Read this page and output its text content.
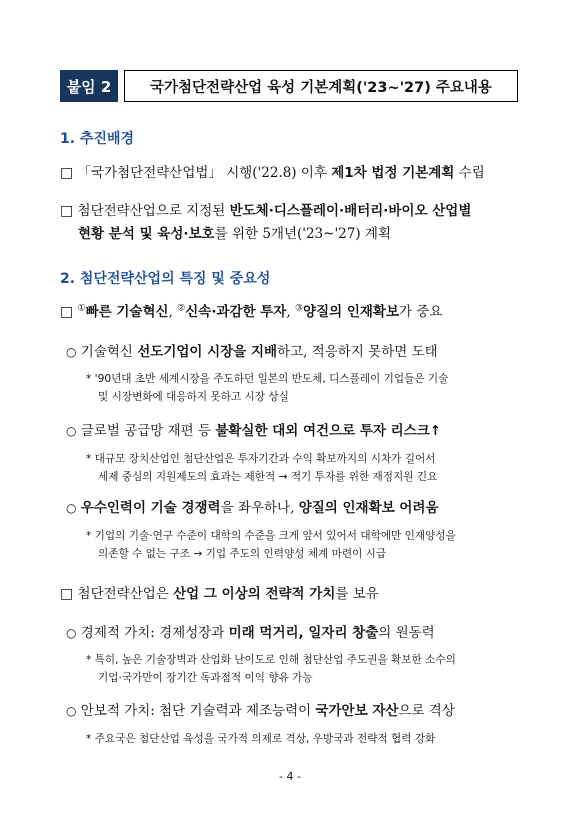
붙임 2	국가첨단전략산업 육성 기본계획('23~'27) 주요내용
1. 추진배경
□ 「국가첨단전략산업법」 시행('22.8) 이후 제1차 법정 기본계획 수립
□ 첨단전략산업으로 지정된 반도체·디스플레이·배터리·바이오 산업별
현황 분석 및 육성·보호를 위한 5개년('23~'27) 계획
2. 첨단전략산업의 특징 및 중요성
□ ①빠른 기술혁신, ②신속·과감한 투자, ③양질의 인재확보가 중요
○ 기술혁신 선도기업이 시장을 지배하고, 적응하지 못하면 도태
* '90년대 초반 세계시장을 주도하던 일본의 반도체, 디스플레이 기업들은 기술
및 시장변화에 대응하지 못하고 시장 상실
○ 글로벌 공급망 재편 등 불확실한 대외 여건으로 투자 리스크↑
* 대규모 장치산업인 첨단산업은 투자기간과 수익 확보까지의 시차가 길어서
세제 중심의 지원제도의 효과는 제한적 → 적기 투자를 위한 재정지원 긴요
○ 우수인력이 기술 경쟁력을 좌우하나, 양질의 인재확보 어려움
* 기업의 기술·연구 수준이 대학의 수준을 크게 앞서 있어서 대학에만 인재양성을
의존할 수 없는 구조 → 기업 주도의 인력양성 체계 마련이 시급
□ 첨단전략산업은 산업 그 이상의 전략적 가치를 보유
○ 경제적 가치: 경제성장과 미래 먹거리, 일자리 창출의 원동력
* 특히, 높은 기술장벽과 산업화 난이도로 인해 첨단산업 주도권을 확보한 소수의
기업·국가만이 장기간 독과점적 이익 향유 가능
○ 안보적 가치: 첨단 기술력과 제조능력이 국가안보 자산으로 격상
* 주요국은 첨단산업 육성을 국가적 의제로 격상, 우방국과 전략적 협력 강화
- 4 -
